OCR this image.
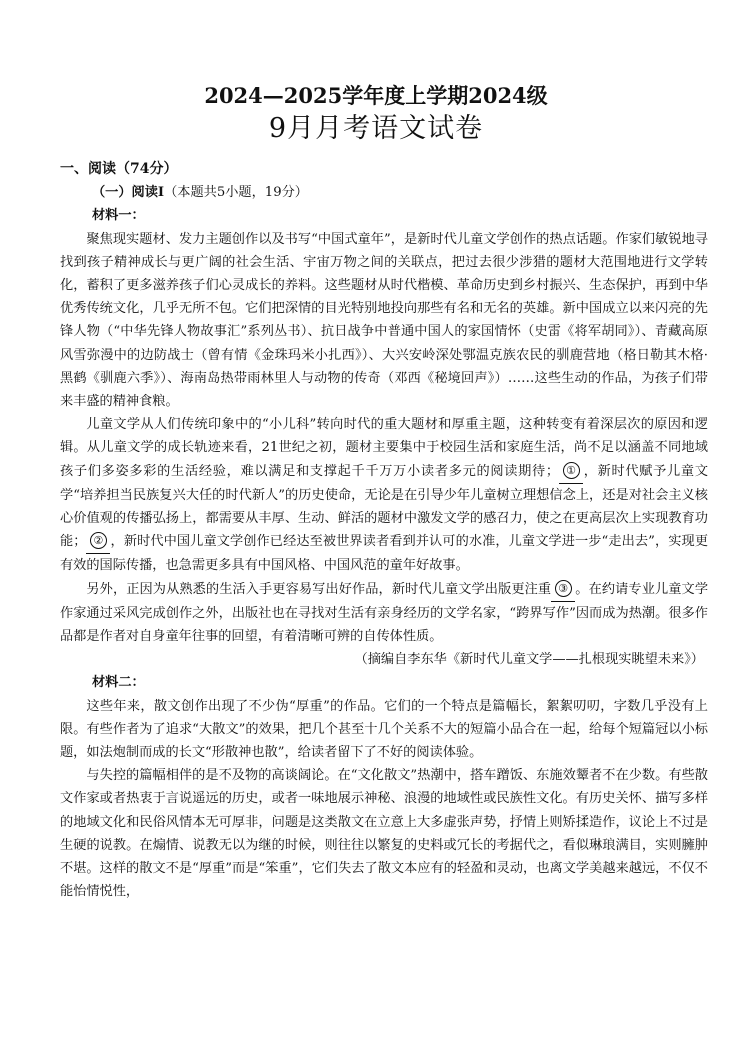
2024—2025学年度上学期2024级
9月月考语文试卷
一、阅读（74分）
（一）阅读Ⅰ（本题共5小题，19分）
材料一：

聚焦现实题材、发力主题创作以及书写“中国式童年”，是新时代儿童文学创作的热点话题。作家们敏锐地寻找到孩子精神成长与更广阔的社会生活、宇宙万物之间的关联点，把过去很少涉猎的题材大范围地进行文学转化，蓄积了更多滋养孩子们心灵成长的养料。这些题材从时代楷模、革命历史到乡村振兴、生态保护，再到中华优秀传统文化，几乎无所不包。它们把深情的目光特别地投向那些有名和无名的英雄。新中国成立以来闪亮的先锋人物（“中华先锋人物故事汇”系列丛书）、抗日战争中普通中国人的家国情怀（史雷《将军胡同》）、青藏高原风雪弥漫中的边防战士（曾有情《金珠玛米小扎西》）、大兴安岭深处鄂温克族农民的驯鹿营地（格日勒其木格·黑鹤《驯鹿六季》）、海南岛热带雨林里人与动物的传奇（邓西《秘境回声》）……这些生动的作品，为孩子们带来丰盛的精神食粮。

儿童文学从人们传统印象中的“小儿科”转向时代的重大题材和厚重主题，这种转变有着深层次的原因和逻辑。从儿童文学的成长轨迹来看，21世纪之初，题材主要集中于校园生活和家庭生活，尚不足以涵盖不同地域孩子们多姿多彩的生活经验，难以满足和支撑起千千万万小读者多元的阅读期待； ① ，新时代赋予儿童文学“培养担当民族复兴大任的时代新人”的历史使命，无论是在引导少年儿童树立理想信念上，还是对社会主义核心价值观的传播弘扬上，都需要从丰厚、生动、鲜活的题材中激发文学的感召力，使之在更高层次上实现教育功能； ② ，新时代中国儿童文学创作已经达至被世界读者看到并认可的水准，儿童文学进一步“走出去”，实现更有效的国际传播，也急需更多具有中国风格、中国风范的童年好故事。

另外，正因为从熟悉的生活入手更容易写出好作品，新时代儿童文学出版更注重 ③ 。在约请专业儿童文学作家通过采风完成创作之外，出版社也在寻找对生活有亲身经历的文学名家，“跨界写作”因而成为热潮。很多作品都是作者对自身童年往事的回望，有着清晰可辨的自传体性质。

（摘编自李东华《新时代儿童文学——扎根现实眺望未来》）

材料二：

这些年来，散文创作出现了不少伪“厚重”的作品。它们的一个特点是篇幅长，絮絮叨叨，字数几乎没有上限。有些作者为了追求“大散文”的效果，把几个甚至十几个关系不大的短篇小品合在一起，给每个短篇冠以小标题，如法炮制而成的长文“形散神也散”，给读者留下了不好的阅读体验。

与失控的篇幅相伴的是不及物的高谈阔论。在“文化散文”热潮中，搭车蹭饭、东施效颦者不在少数。有些散文作家或者热衷于言说遥远的历史，或者一味地展示神秘、浪漫的地域性或民族性文化。有历史关怀、描写多样的地域文化和民俗风情本无可厚非，问题是这类散文在立意上大多虚张声势，抒情上则矫揉造作，议论上不过是生硬的说教。在煽情、说教无以为继的时候，则往往以繁复的史料或冗长的考据代之，看似琳琅满目，实则臃肿不堪。这样的散文不是“厚重”而是“笨重”，它们失去了散文本应有的轻盈和灵动，也离文学美越来越远，不仅不能怡情悦性，
